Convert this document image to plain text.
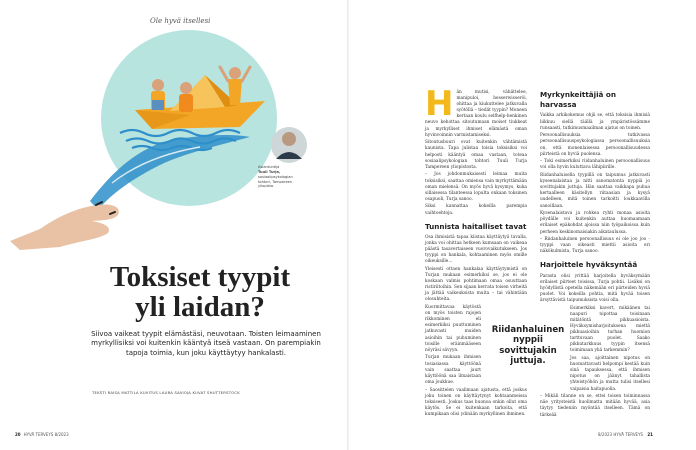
Ole hyvä itsellesi
Asiantuntija
Tuuli Turja,
sosiaalipsykologian
tohtori, Tampereen
yliopisto.
Toksiset tyypit
yli laidan?

Siivoa vaikeat tyypit elämästäsi, neuvotaan. Toisten leimaaminen myrkyllisiksi voi kuitenkin kääntyä itseä vastaan. On parempiakin tapoja toimia, kun joku käyttäytyy hankalasti.

TEKSTI RAISA MATTILA KUVITUS LAURA SAVIOJA KUVAT SHUTTERSTOCK
20 HYVÄ TERVEYS 8/2023

Hän mutisi, vähättelee, manipuloi, besserwisseröi, ohittaa ja kiukuttelee jatkuvalla syötöllä – tiedät tyypin? Moneen kertaan koulu selfhelp-henkinen neuvo kehottaa sitoutumaan moiset tiukkeat ja myrkylliset ihmiset elämästä oman hyvinvoinnin varmistamiseksi.

Sitoutusbuuri ovat kuitenkin vähtämistä kaunista. Tapa julistaa toisia toksisiksi voi helposti kääntyä omaa vastaan, toteaa sosiaalipsykologian tohtori Tuuli Turja Tampereen yliopistosta.

– Jos johdonmukaisesti leimaa muita toksisiksi, saattaa omiensa vain myrkyttämään oman mielensä. On myös hyvä kysymys, kuka sillaisessa tilanteessa lopulta onkaan toksinen osapuoli, Turja sanoo.

Siksi kannattaa kokeilla parempia vaihtoehtoja.

Tunnista haitalliset tavat

Osa ihmisistä tapaa kiistaa käyttäytyä tavalla, jonka voi ohittaa hetkeen kumsaan on vaikeaa päästä tasavertaiseen vuorovaikutukseen. Jos tyyppi on hankala, kohtaaminen myös omille oikeuksille...

Yleisesti ottaen hankalaa käyttäytymistä on Turjan mukaan esimerkiksi se, jos ei ole koskaan valmis pohtimaan omaa osuuttaan ristiriitoihin. Sen sijaan kerrata toisen virheitä ja jättää vaikeuksista muita – tai vähintään olosuhteita.

Kuormittavaa käytöstä on myös toisten rajojen rikkominen eli esimerkiksi puuttuminen jatkuvasti muiden asioihin tai puhuminen toisille eräinmääseen nöyräsi sävyyn.

Turjan mukaan ihmisen tosiasiassa käyttöönä vain saattaa jaurt käyttöönä saa ilmaistaan oma joukkue.

– Saosittelen vaalimaan ajatusta, että joskus joku toinen on käyttäytynyt kohtaanmeissa toksisesti. Joskus taas huonoa onkin ollut oma käytös. Se ei kuitenkaan tarkoita, että kumpikaan olisi ydinään myrkyllinen ihminen.

Riidanhaluinen nyppii sovittujakin juttuja.
Myrkynkeittäjiä on harvassa

Vaikka arkikokemus ohjii se, että toksisia ihmisiä liikkuu siellä täällä ja ympäristössämme runsaasti, tutkimusmaailman ajatus on toinen.

Persoonallisuuksia tutkivassa persoonallisuuspsykologiassa persoonallisuuksia on, että monenlaisessa persoonallisuudessa piirteistä on hyviä puolensa.

– Toki esimerkiksi riidanhaluinen persoonallisuus voi olla hyvin kuluttava lähipiirille.

Riidanhaluisella tyypillä on taipumus jatkuvasti kyseenalaistaa ja nitti sanomatonta nyppiä jo sovittujakin juttuja. Hän saattaa vaikkapa puhua kertaalleen käsitellyn riitaasian ja kysyä uudelleen, mitä toinen tarkoitti loukkaavilla sanoillaan.

Kysenalaistava ja rohkea ryhti monaa asioita pöydälle voi kuitenkin auttaa huomaamaan erilaiset epäkohdat ajoissa niin työpaikoissa kuin perheen keskinomaisiakin aikataulussa.

– Riidanhaluinen persoonallisuus ei ole joo joo -tyyppi vaan oikeasti miettii asioita eri näkökulmista, Turja sanoo.

Harjoittele hyväksyntää

Parasta olisi yrittää harjoitella hyväksymään erilaiset piirteet toisissa, Turja pohtii. Lisäksi on hyödyllistä opetella näkemään eri piirteiden hyviä puolet. Voi kokeilla pohtia, mitä hyvää toisen ärsyttävistä taipumuksista voisi olla.

Esimerkiksi kavert, mikäänen tai naapuri nipottaa toisinaan mitätöntä pikkuasioista. Hyväksymisharjoituksena miettä pikkuasioihin turhan huomion tarttuvaan puolet. Saako pikkutarkkuus tyypin itsensä toimimaan yhä tarkemmin?

Jos saa, ajoittainen nipotus on huomattavasti helpompi kestää kuin sinä tapauksessa, että ihmisen nipotus on jäänyt tahallista yhteistyöhön ja mutta tulisi itsellesi vaipaisia haitapuolia.

– Mikäli tilanne on se, ettei toisen toiminnassa näe yritysteistä huolimatta mitään hyvää, asia täytyy tiedeniin myöntää itselleen. Tämä on tärkeää

8/2023 HYVÄ TERVEYS 21
